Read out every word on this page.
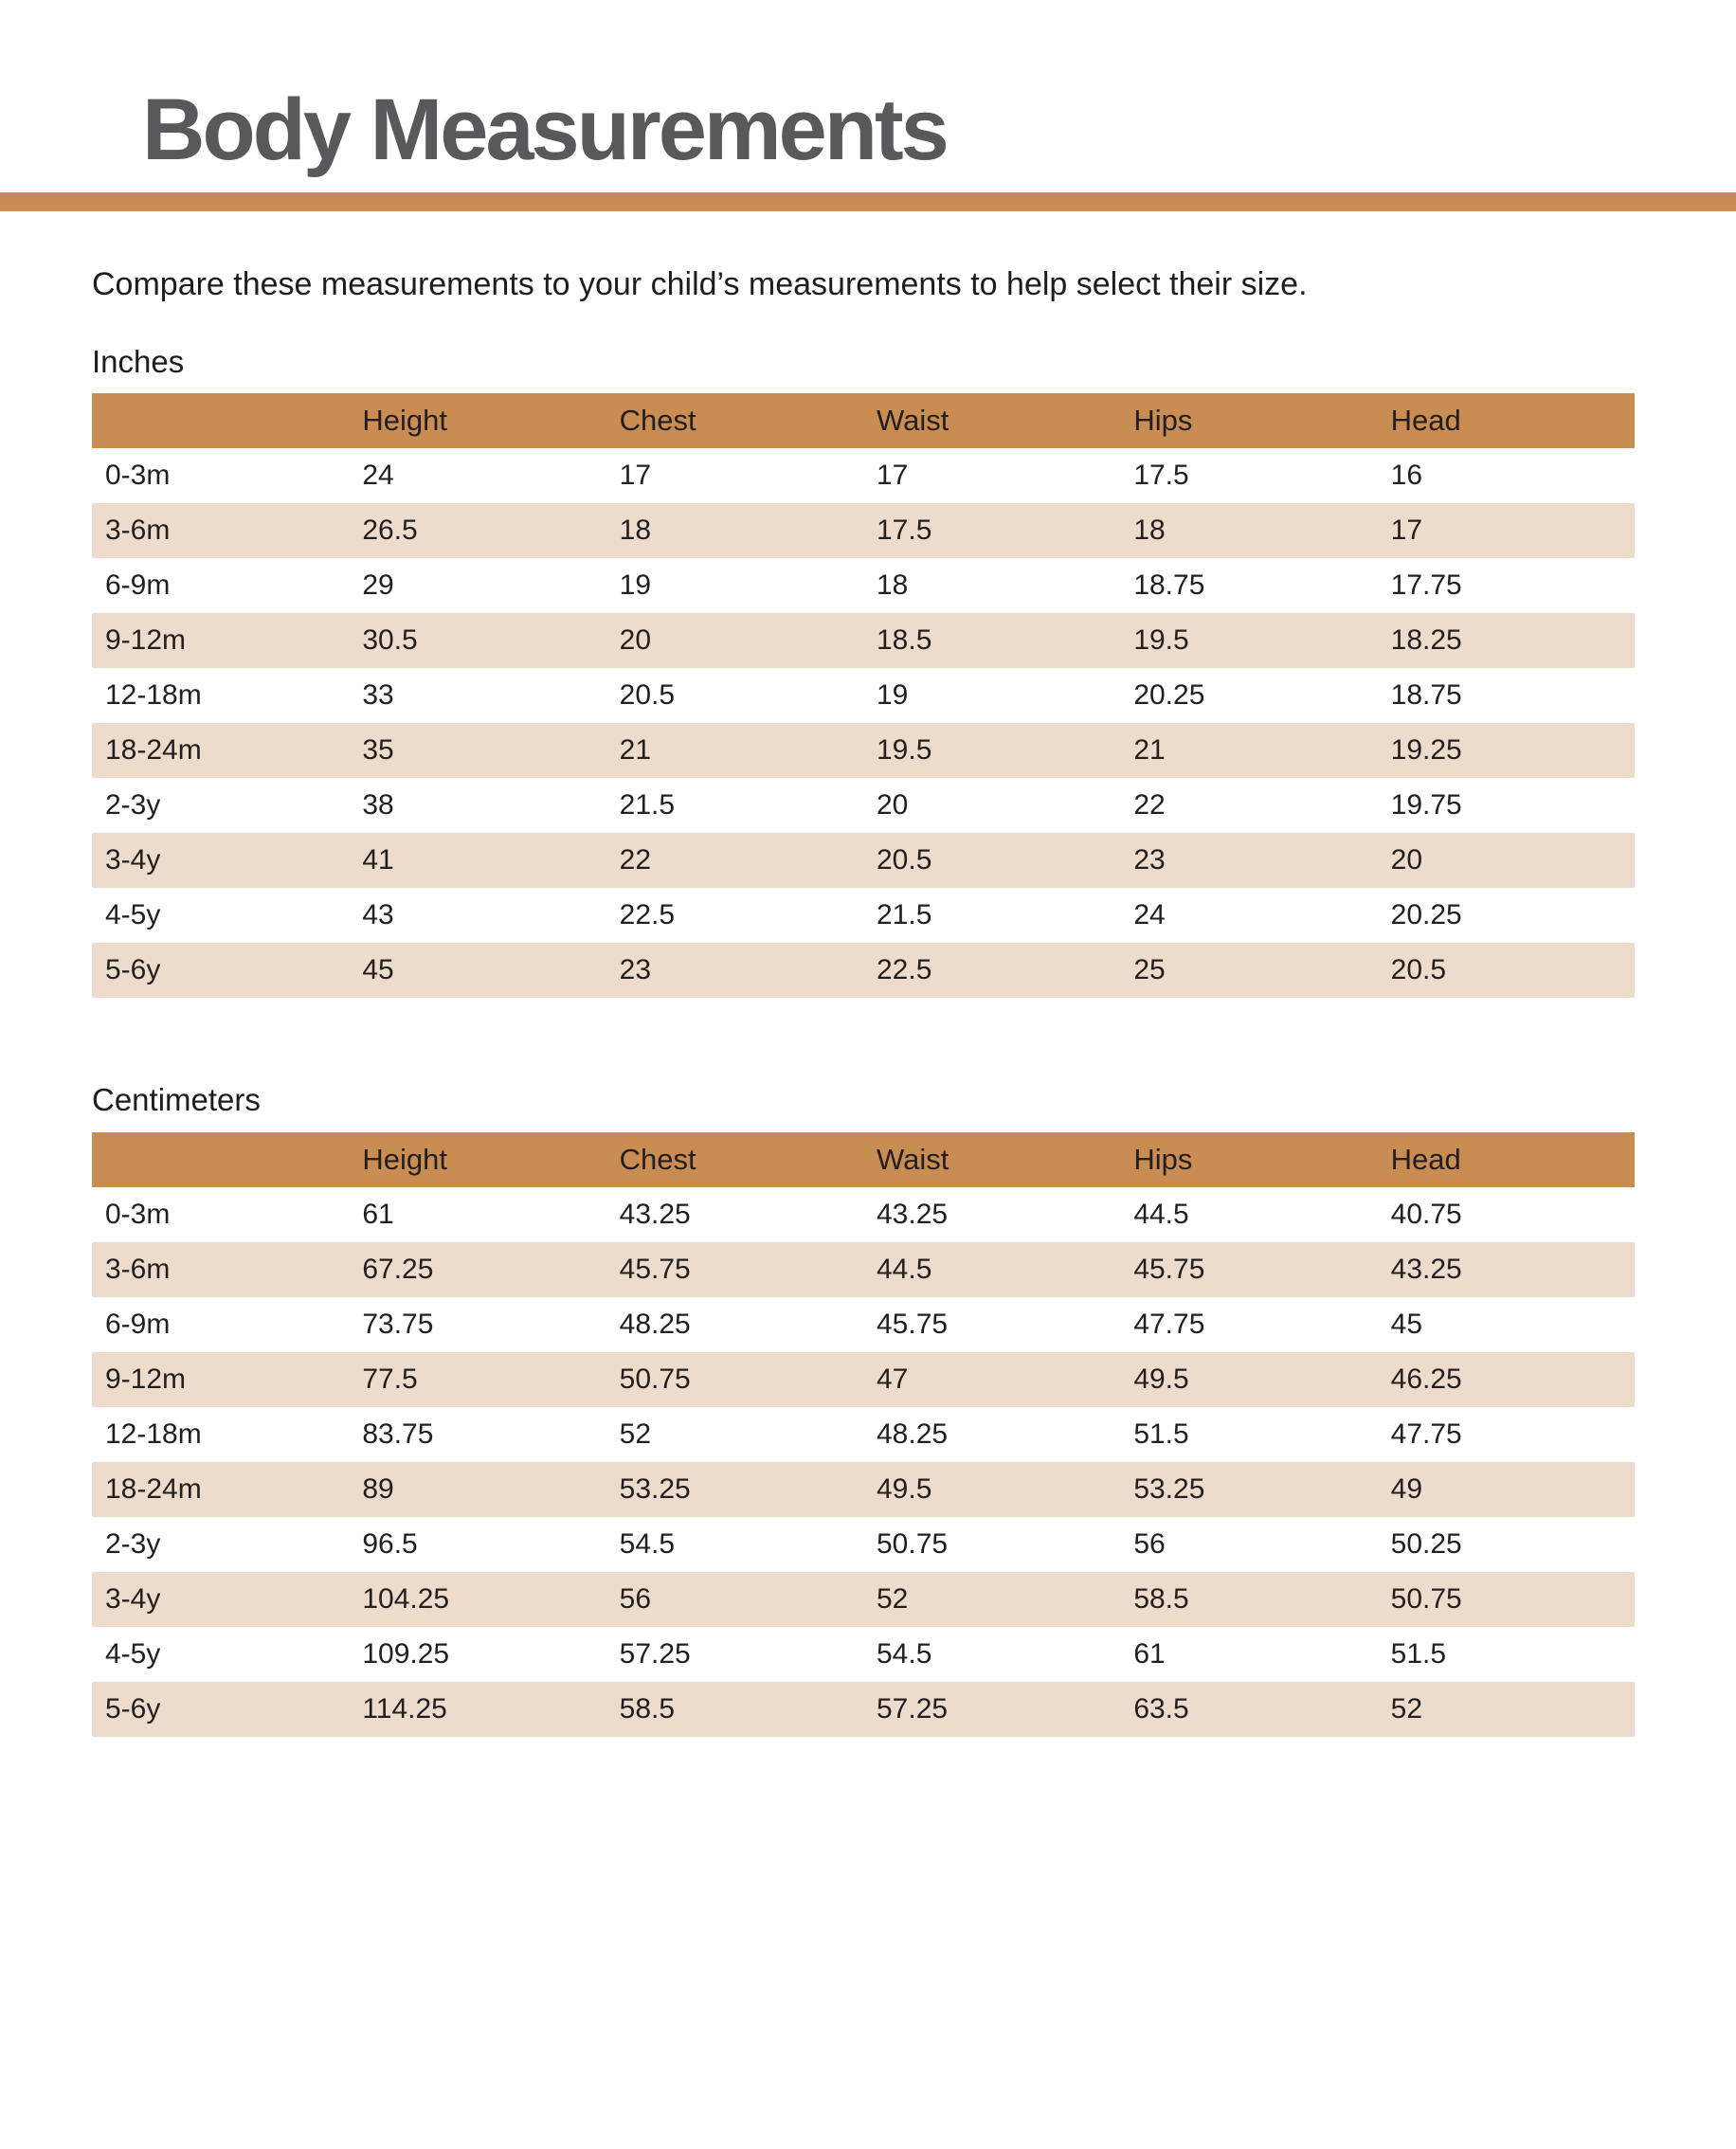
Body Measurements

Compare these measurements to your child’s measurements to help select their size.

Inches
	Height	Chest	Waist	Hips	Head
0-3m	24	17	17	17.5	16
3-6m	26.5	18	17.5	18	17
6-9m	29	19	18	18.75	17.75
9-12m	30.5	20	18.5	19.5	18.25
12-18m	33	20.5	19	20.25	18.75
18-24m	35	21	19.5	21	19.25
2-3y	38	21.5	20	22	19.75
3-4y	41	22	20.5	23	20
4-5y	43	22.5	21.5	24	20.25
5-6y	45	23	22.5	25	20.5
Centimeters
	Height	Chest	Waist	Hips	Head
0-3m	61	43.25	43.25	44.5	40.75
3-6m	67.25	45.75	44.5	45.75	43.25
6-9m	73.75	48.25	45.75	47.75	45
9-12m	77.5	50.75	47	49.5	46.25
12-18m	83.75	52	48.25	51.5	47.75
18-24m	89	53.25	49.5	53.25	49
2-3y	96.5	54.5	50.75	56	50.25
3-4y	104.25	56	52	58.5	50.75
4-5y	109.25	57.25	54.5	61	51.5
5-6y	114.25	58.5	57.25	63.5	52
